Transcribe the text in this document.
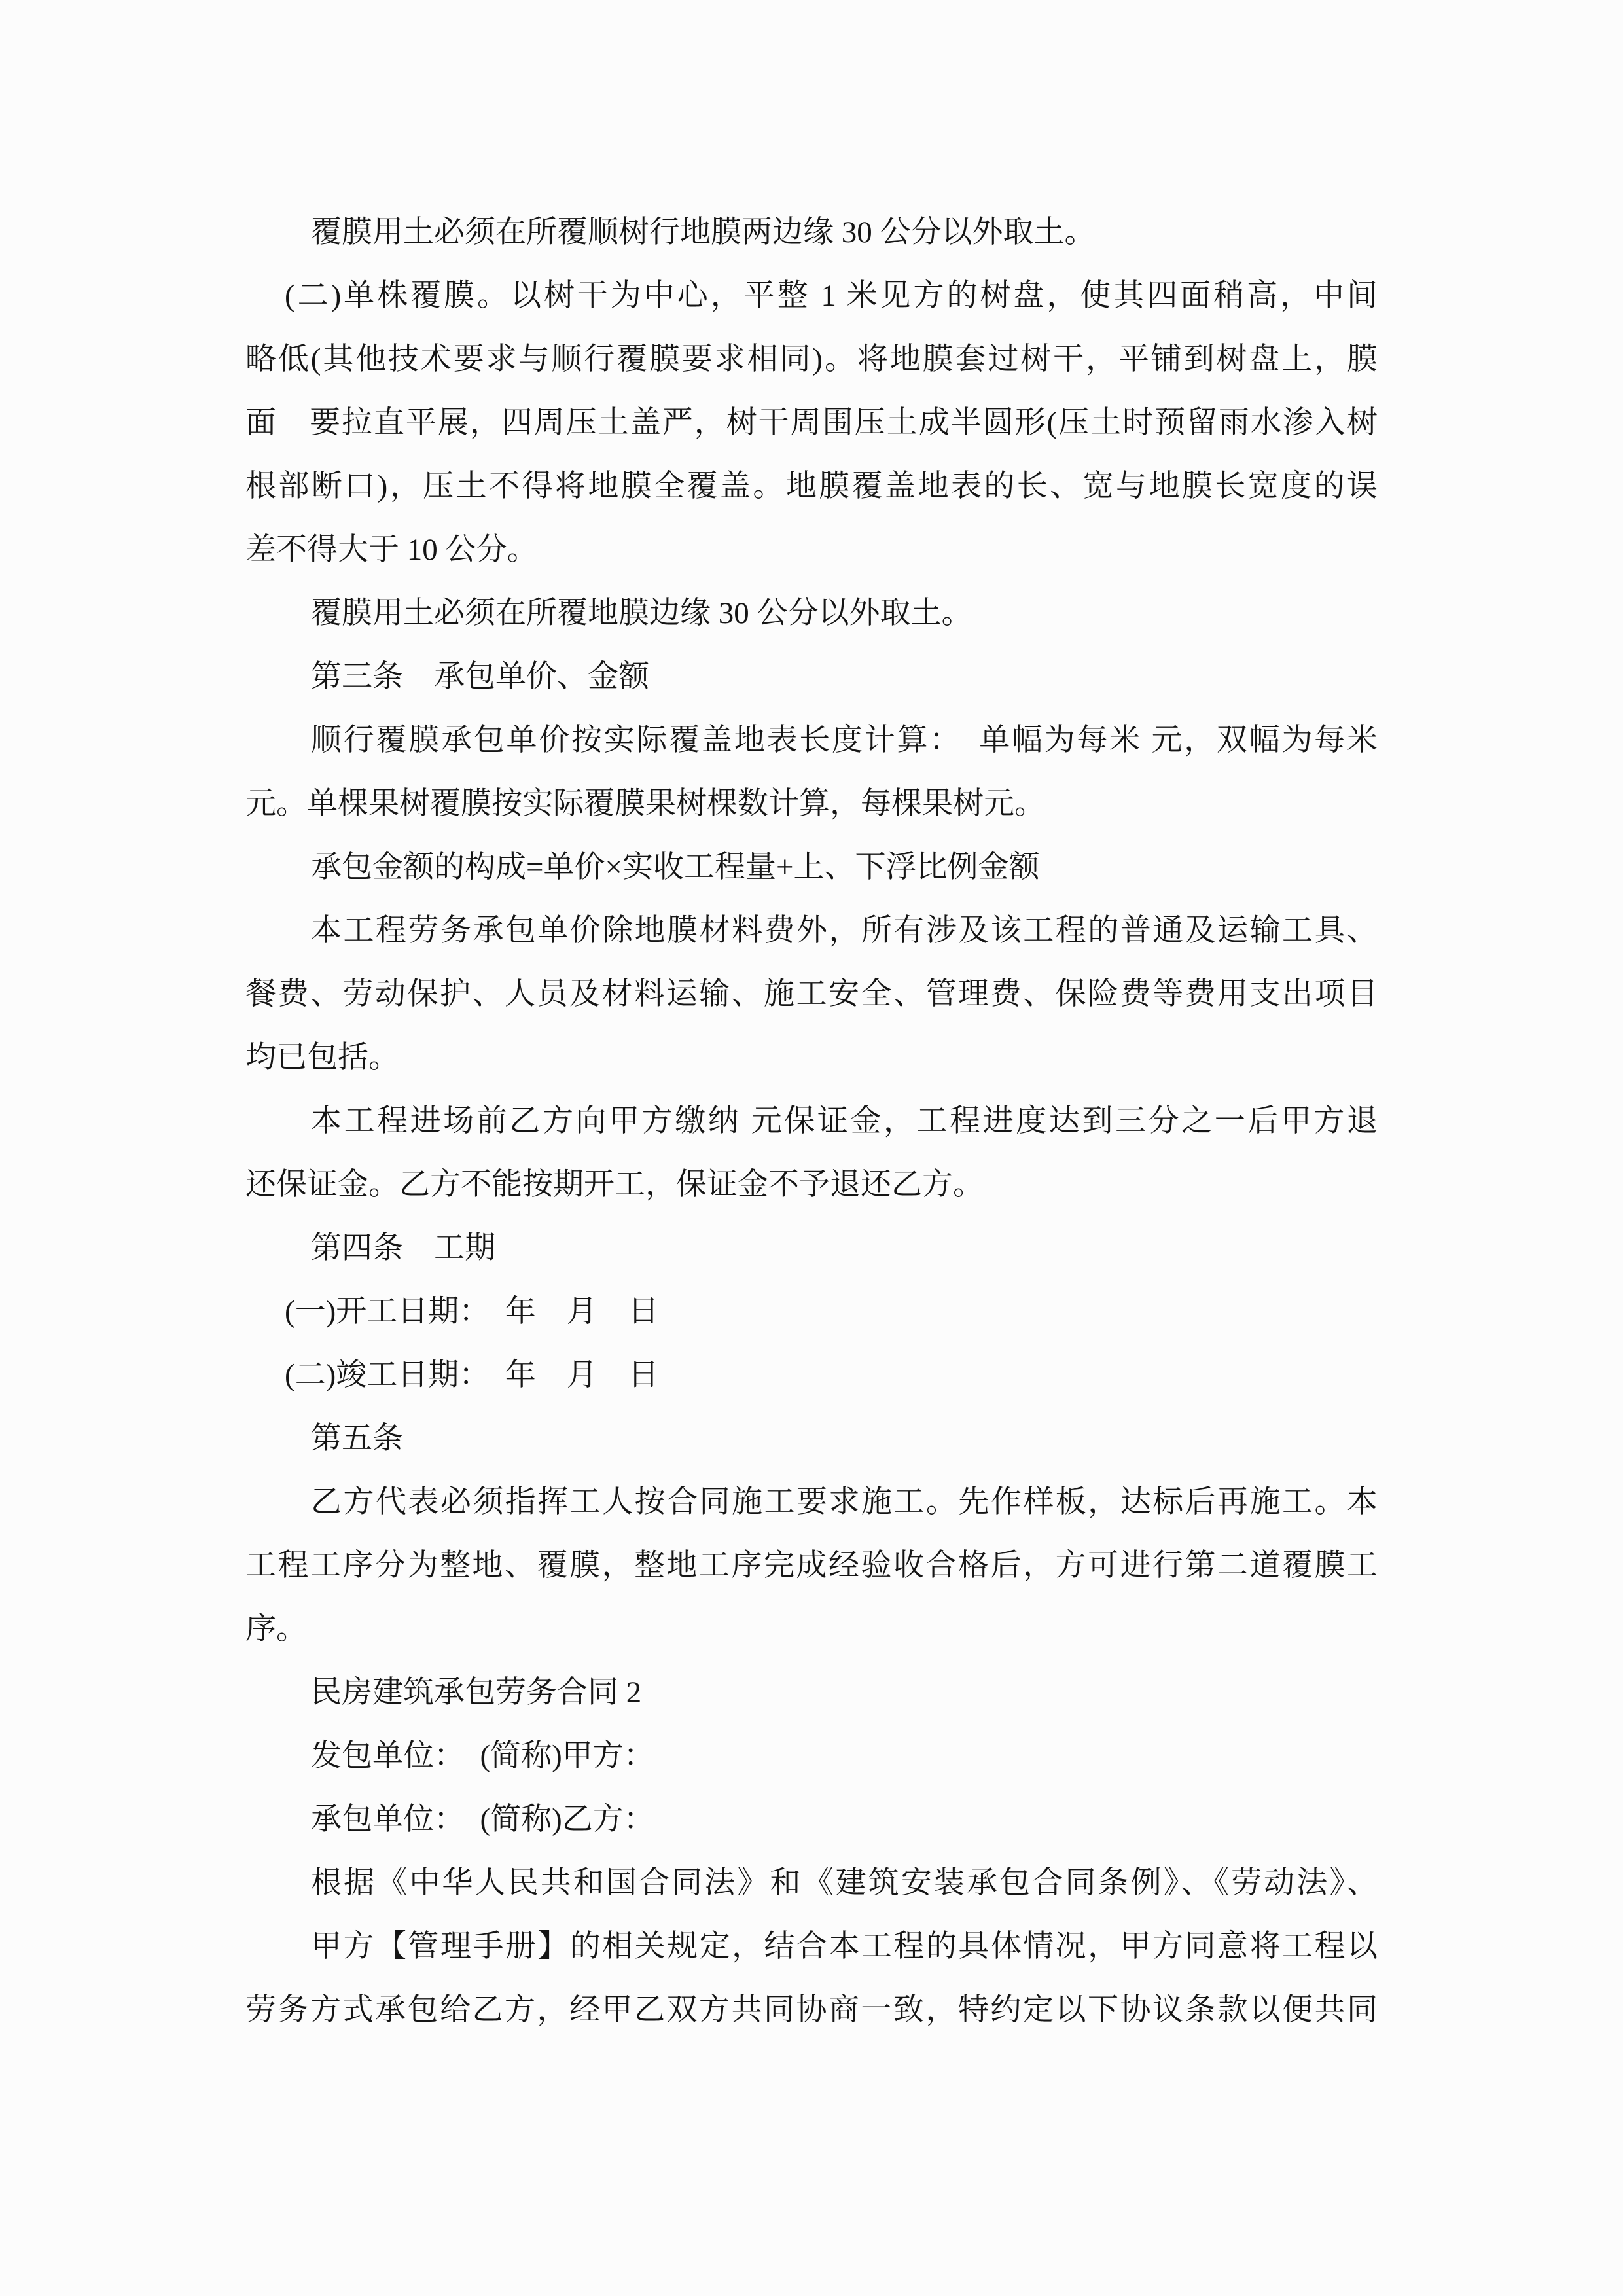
覆膜用土必须在所覆顺树行地膜两边缘 30 公分以外取土。
(二)单株覆膜。以树干为中心，平整 1 米见方的树盘，使其四面稍高，中间
略低(其他技术要求与顺行覆膜要求相同)。将地膜套过树干，平铺到树盘上，膜
面　要拉直平展，四周压土盖严，树干周围压土成半圆形(压土时预留雨水渗入树
根部断口)，压土不得将地膜全覆盖。地膜覆盖地表的长、宽与地膜长宽度的误
差不得大于 10 公分。
覆膜用土必须在所覆地膜边缘 30 公分以外取土。
第三条　承包单价、金额
顺行覆膜承包单价按实际覆盖地表长度计算：　单幅为每米 元，双幅为每米
元。单棵果树覆膜按实际覆膜果树棵数计算，每棵果树元。
承包金额的构成=单价×实收工程量+上、下浮比例金额
本工程劳务承包单价除地膜材料费外，所有涉及该工程的普通及运输工具、
餐费、劳动保护、人员及材料运输、施工安全、管理费、保险费等费用支出项目
均已包括。
本工程进场前乙方向甲方缴纳 元保证金，工程进度达到三分之一后甲方退
还保证金。乙方不能按期开工，保证金不予退还乙方。
第四条　工期
(一)开工日期：　年　月　日
(二)竣工日期：　年　月　日
第五条
乙方代表必须指挥工人按合同施工要求施工。先作样板，达标后再施工。本
工程工序分为整地、覆膜，整地工序完成经验收合格后，方可进行第二道覆膜工
序。
民房建筑承包劳务合同 2
发包单位：　(简称)甲方：
承包单位：　(简称)乙方：
根据《中华人民共和国合同法》和《建筑安装承包合同条例》、《劳动法》、
甲方【管理手册】的相关规定，结合本工程的具体情况，甲方同意将工程以
劳务方式承包给乙方，经甲乙双方共同协商一致，特约定以下协议条款以便共同
